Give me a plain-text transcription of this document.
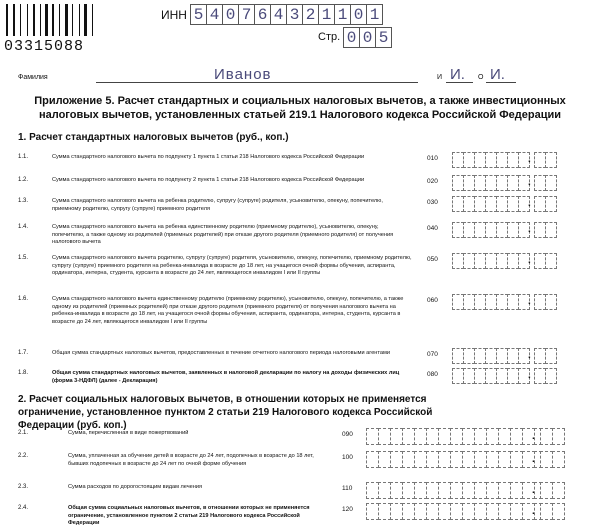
03315088
ИНН 5 4 0 7 6 4 3 2 1 1 0 1
Стр. 0 0 5
Фамилия	Иванов	И И. О И.
Приложение 5. Расчет стандартных и социальных налоговых вычетов, а также инвестиционных налоговых вычетов, установленных статьей 219.1 Налогового кодекса Российской Федерации
1. Расчет стандартных налоговых вычетов (руб., коп.)
1.1.	Сумма стандартного налогового вычета по подпункту 1 пункта 1 статьи 218 Налогового кодекса Российской Федерации	010	.
1.2.	Сумма стандартного налогового вычета по подпункту 2 пункта 1 статьи 218 Налогового кодекса Российской Федерации	020	.
1.3.	Сумма стандартного налогового вычета на ребенка родителю, супругу (супруге) родителя, усыновителю, опекуну, попечителю, приемному родителю, супругу (супруге) приемного родителя
030	.
1.4.	Сумма стандартного налогового вычета на ребенка единственному родителю (приемному родителю), усыновителю, опекуну, попечителю, а также одному из родителей (приемных родителей) при отказе другого родителя (приемного родителя) от получения налогового вычета
040	.
1.5.	Сумма стандартного налогового вычета родителю, супругу (супруге) родителя, усыновителю, опекуну, попечителю, приемному родителю, супругу (супруге) приемного родителя на ребенка-инвалида в возрасте до 18 лет, на учащегося очной формы обучения, аспиранта, ординатора, интерна, студента, курсанта в возрасте до 24 лет, являющегося инвалидом I или II группы
050	.
1.6.	Сумма стандартного налогового вычета единственному родителю (приемному родителю), усыновителю, опекуну, попечителю, а также одному из родителей (приемных родителей) при отказе другого родителя (приемного родителя) от получения налогового вычета на ребенка-инвалида в возрасте до 18 лет, на учащегося очной формы обучения, аспиранта, ординатора, интерна, студента, курсанта в возрасте до 24 лет, являющегося инвалидом I или II группы
060	.
1.7.	Общая сумма стандартных налоговых вычетов, предоставленных в течение отчетного налогового периода налоговыми агентами	070	.
1.8.	Общая сумма стандартных налоговых вычетов, заявленных в налоговой декларации по налогу на доходы физических лиц (форма 3-НДФЛ) (далее - Декларация)
080	.
2. Расчет социальных налоговых вычетов, в отношении которых не применяется ограничение, установленное пунктом 2 статьи 219 Налогового кодекса Российской Федерации (руб. коп.)
2.1.	Сумма, перечисленная в виде пожертвований	090	.
2.2.	Сумма, уплаченная за обучение детей в возрасте до 24 лет, подопечных в возрасте до 18 лет, бывших подопечных в возрасте до 24 лет по очной форме обучения
100	.
2.3.	Сумма расходов по дорогостоящим видам лечения	110	.
2.4.	Общая сумма социальных налоговых вычетов, в отношении которых не применяется ограничение, установленное пунктом 2 статьи 219 Налогового кодекса Российской Федерации
120	.
